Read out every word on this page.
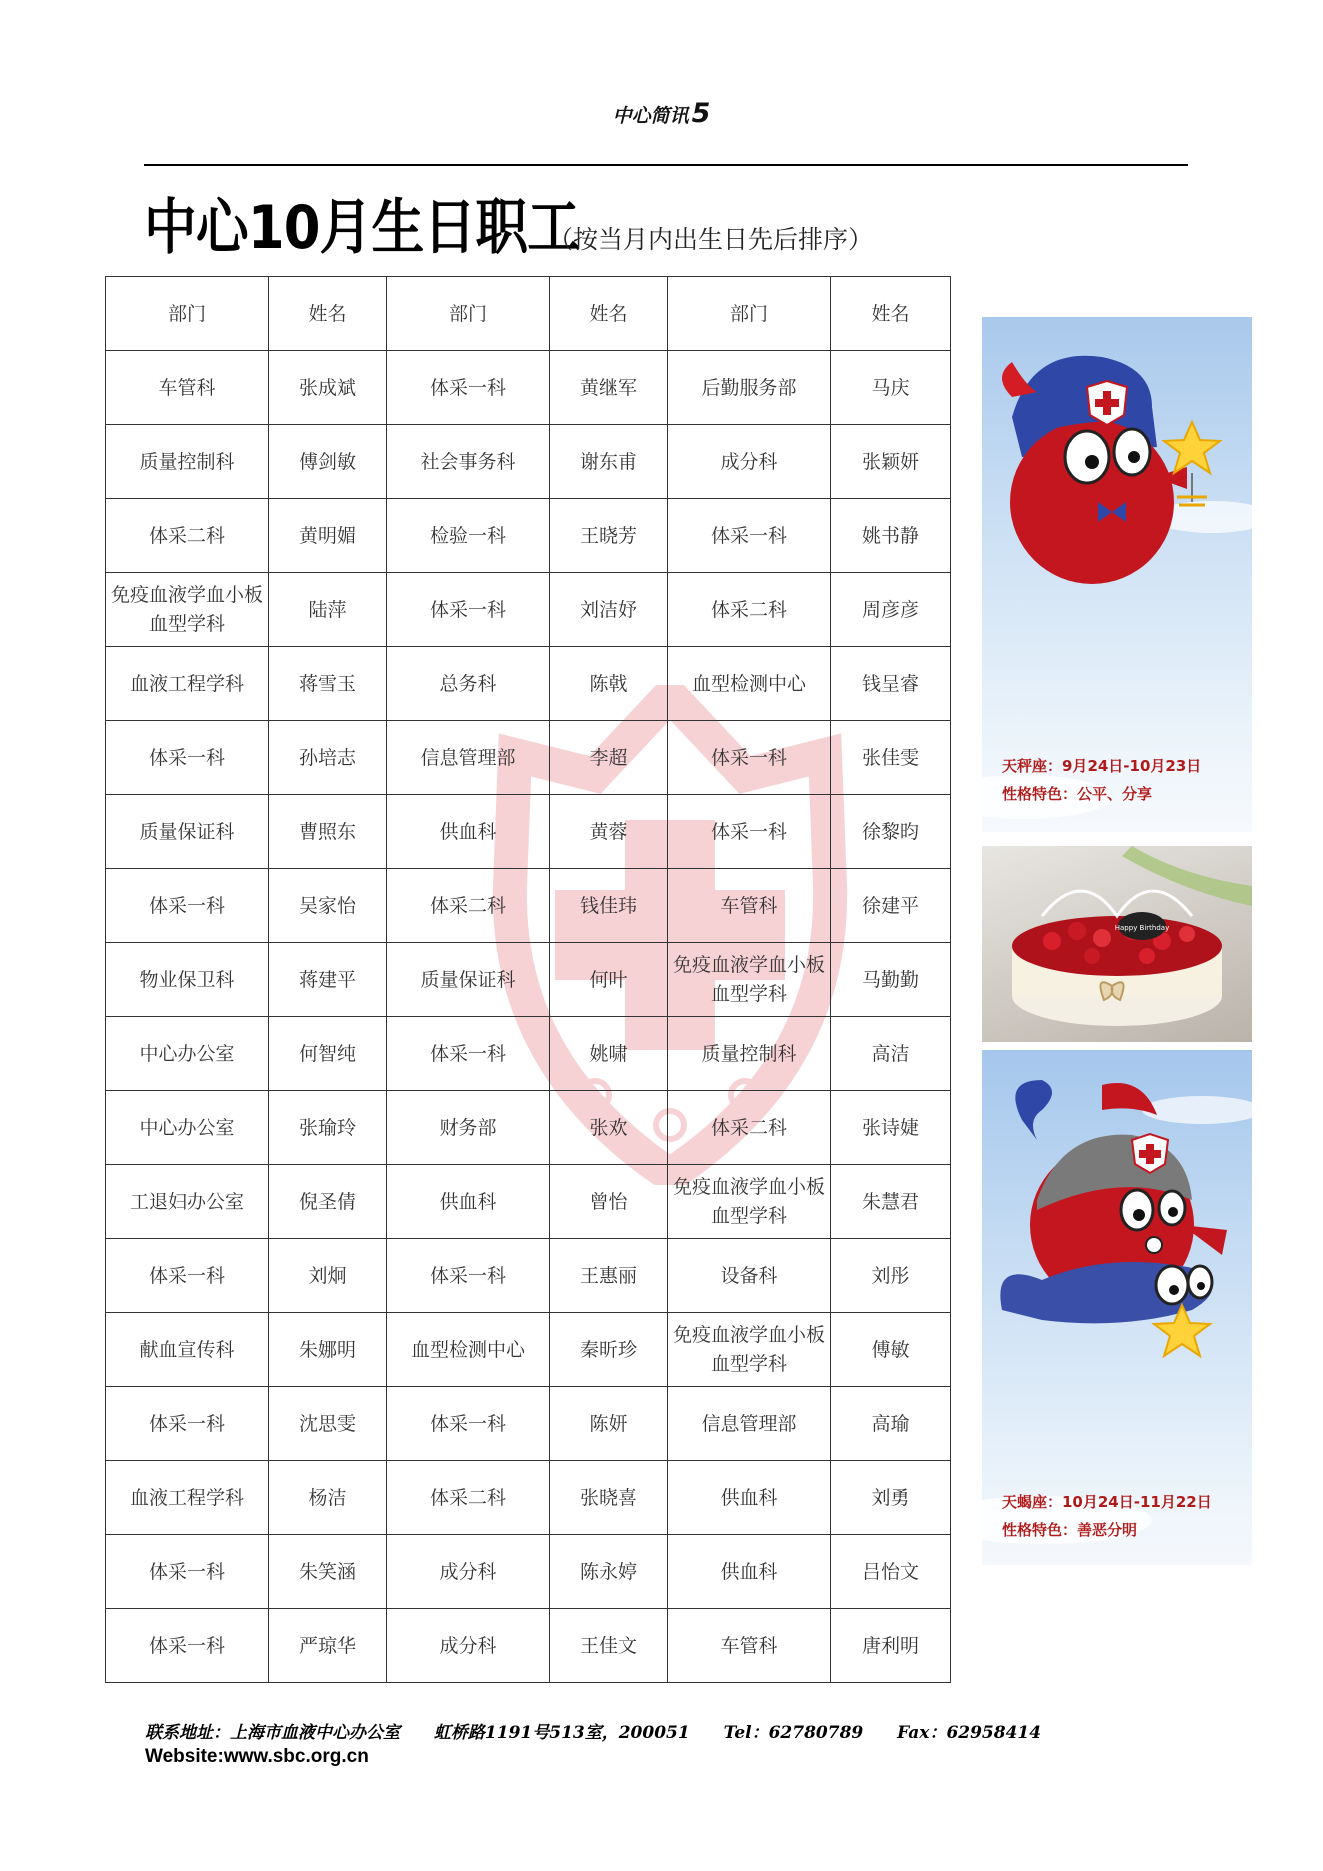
中心简讯 5
中心10月生日职工
（按当月内出生日先后排序）
部门	姓名	部门	姓名	部门	姓名
车管科	张成斌	体采一科	黄继军	后勤服务部	马庆
质量控制科	傅剑敏	社会事务科	谢东甫	成分科	张颖妍
体采二科	黄明媚	检验一科	王晓芳	体采一科	姚书静
免疫血液学血小板血型学科	陆萍	体采一科	刘洁妤	体采二科	周彦彦
血液工程学科	蒋雪玉	总务科	陈戟	血型检测中心	钱呈睿
体采一科	孙培志	信息管理部	李超	体采一科	张佳雯
质量保证科	曹照东	供血科	黄蓉	体采一科	徐黎昀
体采一科	吴家怡	体采二科	钱佳玮	车管科	徐建平
物业保卫科	蒋建平	质量保证科	何叶	免疫血液学血小板血型学科	马勤勤
中心办公室	何智纯	体采一科	姚啸	质量控制科	高洁
中心办公室	张瑜玲	财务部	张欢	体采二科	张诗婕
工退妇办公室	倪圣倩	供血科	曾怡	免疫血液学血小板血型学科	朱慧君
体采一科	刘炯	体采一科	王惠丽	设备科	刘彤
献血宣传科	朱娜明	血型检测中心	秦昕珍	免疫血液学血小板血型学科	傅敏
体采一科	沈思雯	体采一科	陈妍	信息管理部	高瑜
血液工程学科	杨洁	体采二科	张晓喜	供血科	刘勇
体采一科	朱笑涵	成分科	陈永婷	供血科	吕怡文
体采一科	严琼华	成分科	王佳文	车管科	唐利明
天秤座：9月24日-10月23日
性格特色：公平、分享
Happy Birthday
天蝎座：10月24日-11月22日
性格特色：善恶分明
联系地址：上海市血液中心办公室 虹桥路1191号513室，200051 Tel：62780789 Fax：62958414
Website:www.sbc.org.cn
